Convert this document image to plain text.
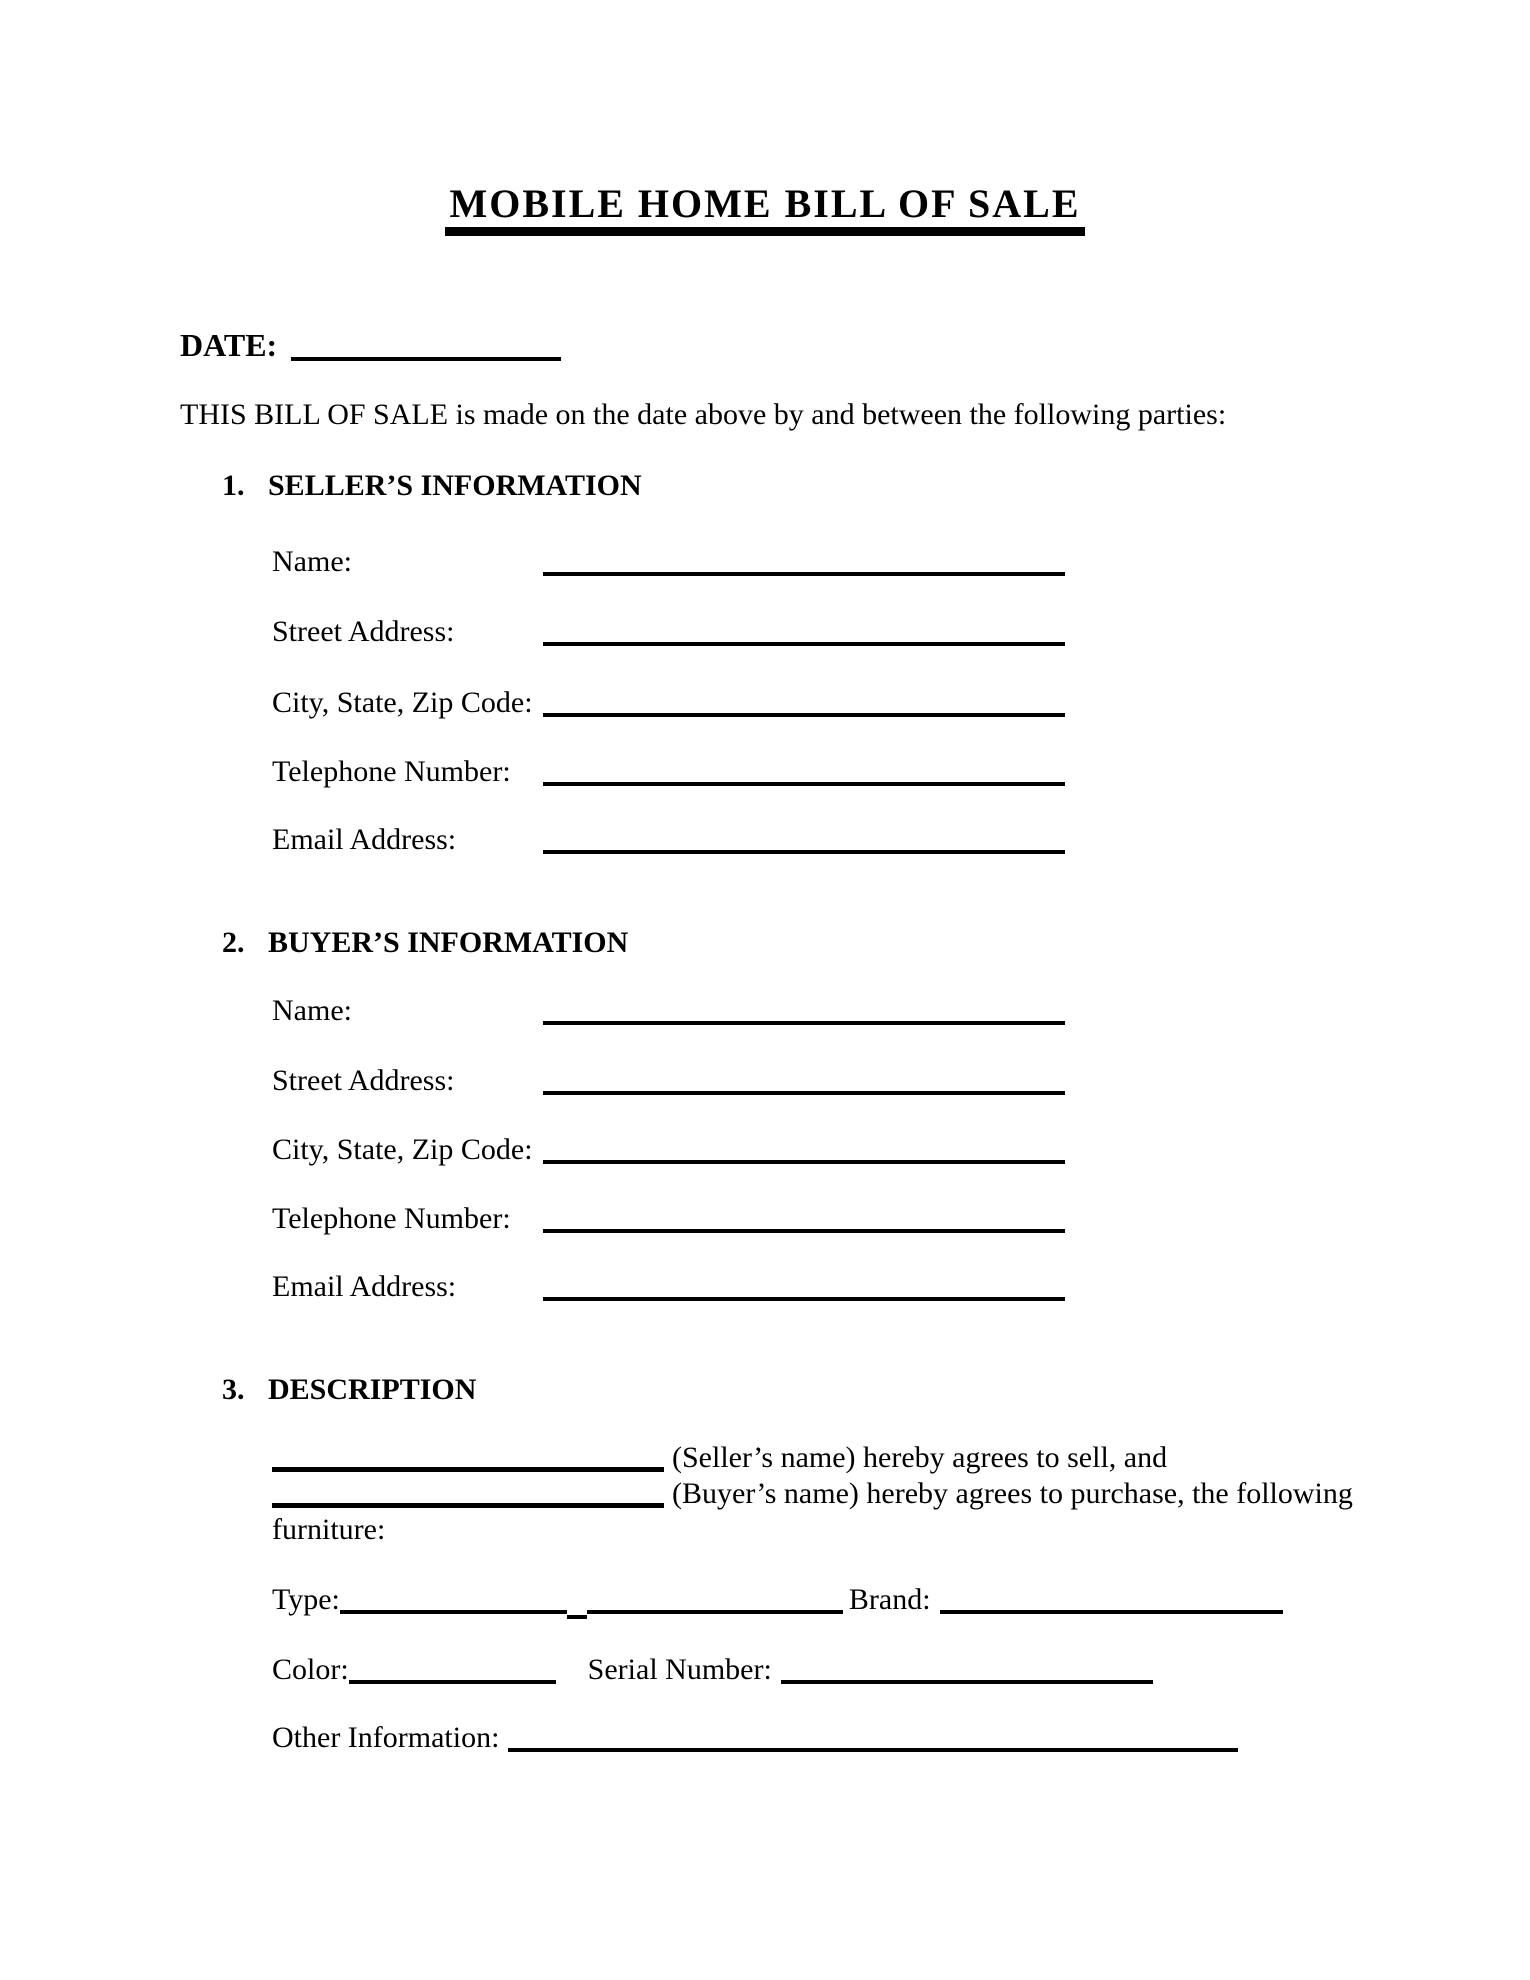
MOBILE HOME BILL OF SALE
DATE:
THIS BILL OF SALE is made on the date above by and between the following parties:
1. SELLER’S INFORMATION
Name:
Street Address:
City, State, Zip Code:
Telephone Number:
Email Address:
2. BUYER’S INFORMATION
Name:
Street Address:
City, State, Zip Code:
Telephone Number:
Email Address:
3. DESCRIPTION
(Seller’s name) hereby agrees to sell, and
(Buyer’s name) hereby agrees to purchase, the following
furniture:
Type:	Brand:
Color:	Serial Number:
Other Information:
